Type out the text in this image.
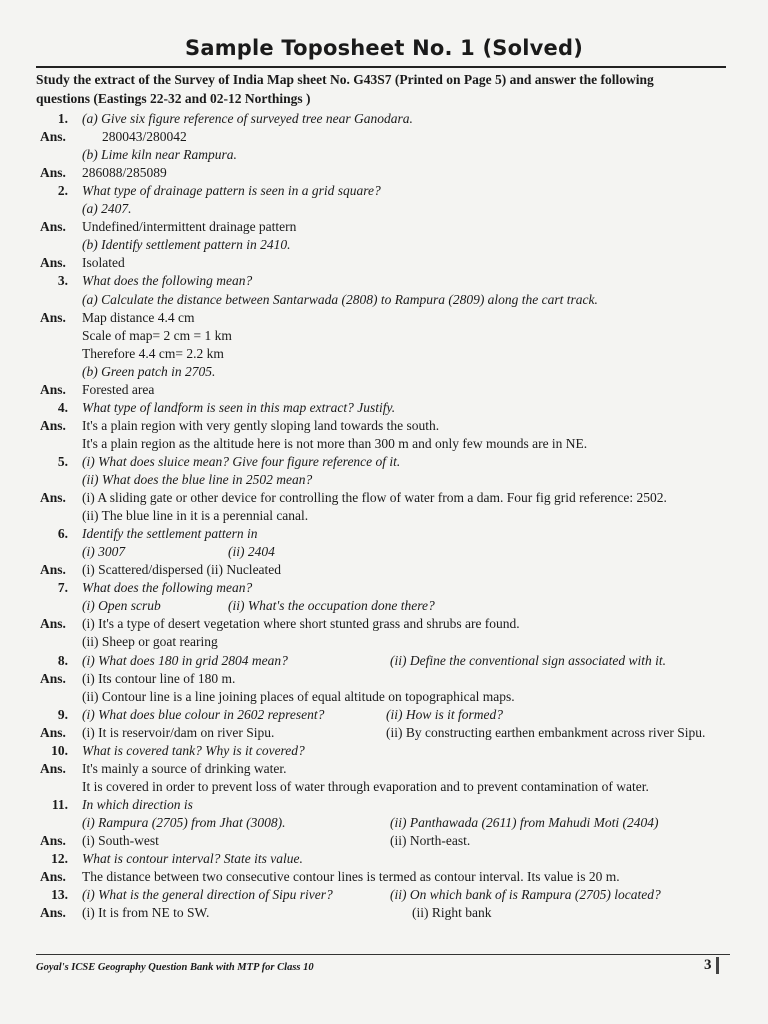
Sample Toposheet No. 1 (Solved)
Study the extract of the Survey of India Map sheet No. G43S7 (Printed on Page 5) and answer the following
questions (Eastings 22-32 and 02-12 Northings )
1. (a) Give six figure reference of surveyed tree near Ganodara.
Ans.	280043/280042
(b) Lime kiln near Rampura.
Ans. 286088/285089
2. What type of drainage pattern is seen in a grid square?
(a) 2407.
Ans. Undefined/intermittent drainage pattern
(b) Identify settlement pattern in 2410.
Ans. Isolated
3. What does the following mean?
(a) Calculate the distance between Santarwada (2808) to Rampura (2809) along the cart track.
Ans. Map distance 4.4 cm
Scale of map= 2 cm = 1 km
Therefore 4.4 cm= 2.2 km
(b) Green patch in 2705.
Ans. Forested area
4. What type of landform is seen in this map extract? Justify.
Ans. It's a plain region with very gently sloping land towards the south.
It's a plain region as the altitude here is not more than 300 m and only few mounds are in NE.
5. (i) What does sluice mean? Give four figure reference of it.
(ii) What does the blue line in 2502 mean?
Ans. (i) A sliding gate or other device for controlling the flow of water from a dam. Four fig grid reference: 2502.
(ii) The blue line in it is a perennial canal.
6. Identify the settlement pattern in
(i) 3007	(ii) 2404
Ans. (i) Scattered/dispersed (ii) Nucleated
7. What does the following mean?
(i) Open scrub	(ii) What's the occupation done there?
Ans. (i) It's a type of desert vegetation where short stunted grass and shrubs are found.
(ii) Sheep or goat rearing
8. (i) What does 180 in grid 2804 mean?	(ii) Define the conventional sign associated with it.
Ans. (i) Its contour line of 180 m.
(ii) Contour line is a line joining places of equal altitude on topographical maps.
9. (i) What does blue colour in 2602 represent?	(ii) How is it formed?
Ans. (i) It is reservoir/dam on river Sipu.	(ii) By constructing earthen embankment across river Sipu.
10. What is covered tank? Why is it covered?
Ans. It's mainly a source of drinking water.
It is covered in order to prevent loss of water through evaporation and to prevent contamination of water.
11. In which direction is
(i) Rampura (2705) from Jhat (3008).	(ii) Panthawada (2611) from Mahudi Moti (2404)
Ans. (i) South-west	(ii) North-east.
12. What is contour interval? State its value.
Ans. The distance between two consecutive contour lines is termed as contour interval. Its value is 20 m.
13. (i) What is the general direction of Sipu river?	(ii) On which bank of is Rampura (2705) located?
Ans. (i) It is from NE to SW.	(ii) Right bank
Goyal's ICSE Geography Question Bank with MTP for Class 10	3
